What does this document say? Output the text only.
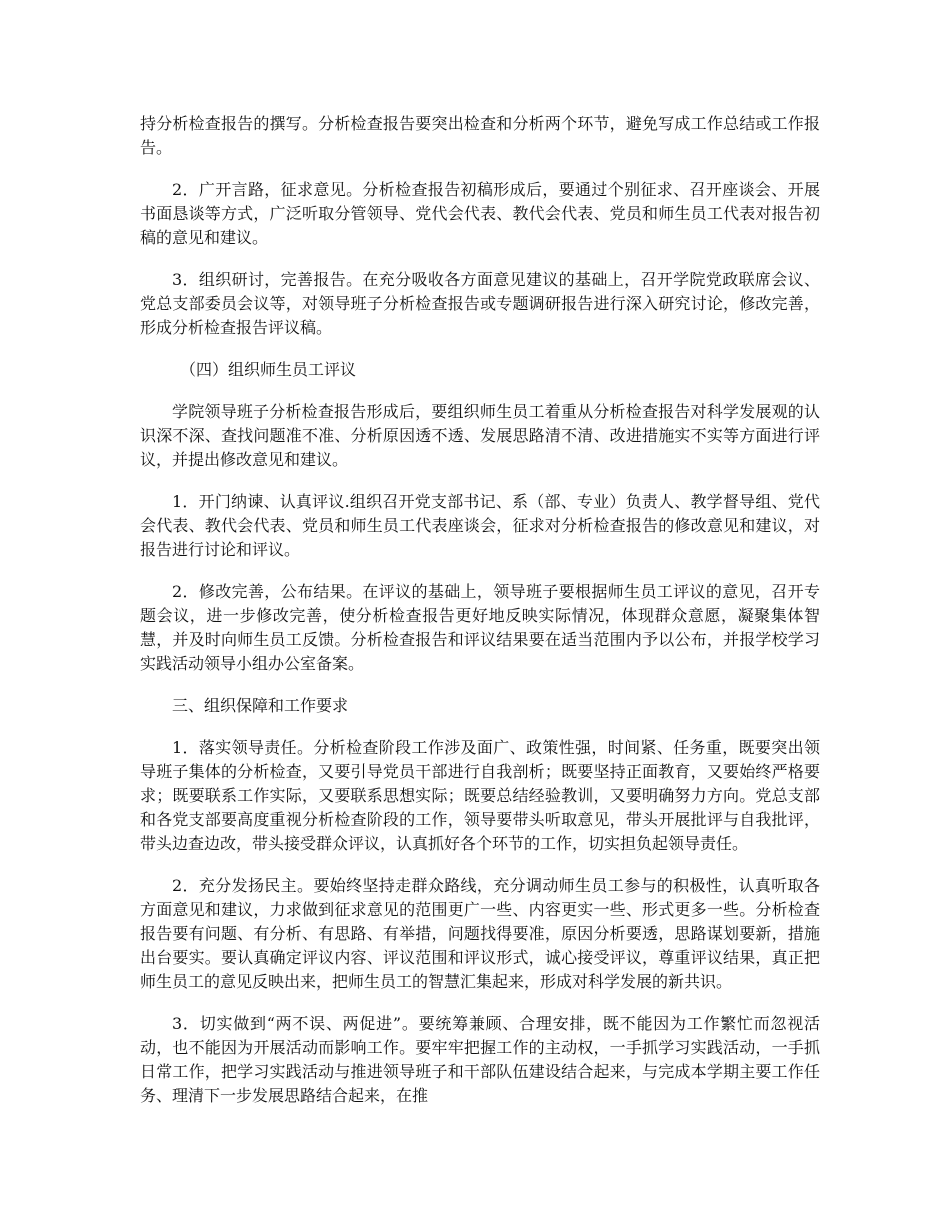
持分析检查报告的撰写。分析检查报告要突出检查和分析两个环节，避免写成工作总结或工作报告。

2．广开言路，征求意见。分析检查报告初稿形成后，要通过个别征求、召开座谈会、开展书面恳谈等方式，广泛听取分管领导、党代会代表、教代会代表、党员和师生员工代表对报告初稿的意见和建议。

3．组织研讨，完善报告。在充分吸收各方面意见建议的基础上，召开学院党政联席会议、党总支部委员会议等，对领导班子分析检查报告或专题调研报告进行深入研究讨论，修改完善，形成分析检查报告评议稿。

（四）组织师生员工评议

学院领导班子分析检查报告形成后，要组织师生员工着重从分析检查报告对科学发展观的认识深不深、查找问题准不准、分析原因透不透、发展思路清不清、改进措施实不实等方面进行评议，并提出修改意见和建议。

1．开门纳谏、认真评议.组织召开党支部书记、系（部、专业）负责人、教学督导组、党代会代表、教代会代表、党员和师生员工代表座谈会，征求对分析检查报告的修改意见和建议，对报告进行讨论和评议。

2．修改完善，公布结果。在评议的基础上，领导班子要根据师生员工评议的意见，召开专题会议，进一步修改完善，使分析检查报告更好地反映实际情况，体现群众意愿，凝聚集体智慧，并及时向师生员工反馈。分析检查报告和评议结果要在适当范围内予以公布，并报学校学习实践活动领导小组办公室备案。

三、组织保障和工作要求

1．落实领导责任。分析检查阶段工作涉及面广、政策性强，时间紧、任务重，既要突出领导班子集体的分析检查，又要引导党员干部进行自我剖析；既要坚持正面教育，又要始终严格要求；既要联系工作实际，又要联系思想实际；既要总结经验教训，又要明确努力方向。党总支部和各党支部要高度重视分析检查阶段的工作，领导要带头听取意见，带头开展批评与自我批评，带头边查边改，带头接受群众评议，认真抓好各个环节的工作，切实担负起领导责任。

2．充分发扬民主。要始终坚持走群众路线，充分调动师生员工参与的积极性，认真听取各方面意见和建议，力求做到征求意见的范围更广一些、内容更实一些、形式更多一些。分析检查报告要有问题、有分析、有思路、有举措，问题找得要准，原因分析要透，思路谋划要新，措施出台要实。要认真确定评议内容、评议范围和评议形式，诚心接受评议，尊重评议结果，真正把师生员工的意见反映出来，把师生员工的智慧汇集起来，形成对科学发展的新共识。

3．切实做到“两不误、两促进”。要统筹兼顾、合理安排，既不能因为工作繁忙而忽视活动，也不能因为开展活动而影响工作。要牢牢把握工作的主动权，一手抓学习实践活动，一手抓日常工作，把学习实践活动与推进领导班子和干部队伍建设结合起来，与完成本学期主要工作任务、理清下一步发展思路结合起来，在推
